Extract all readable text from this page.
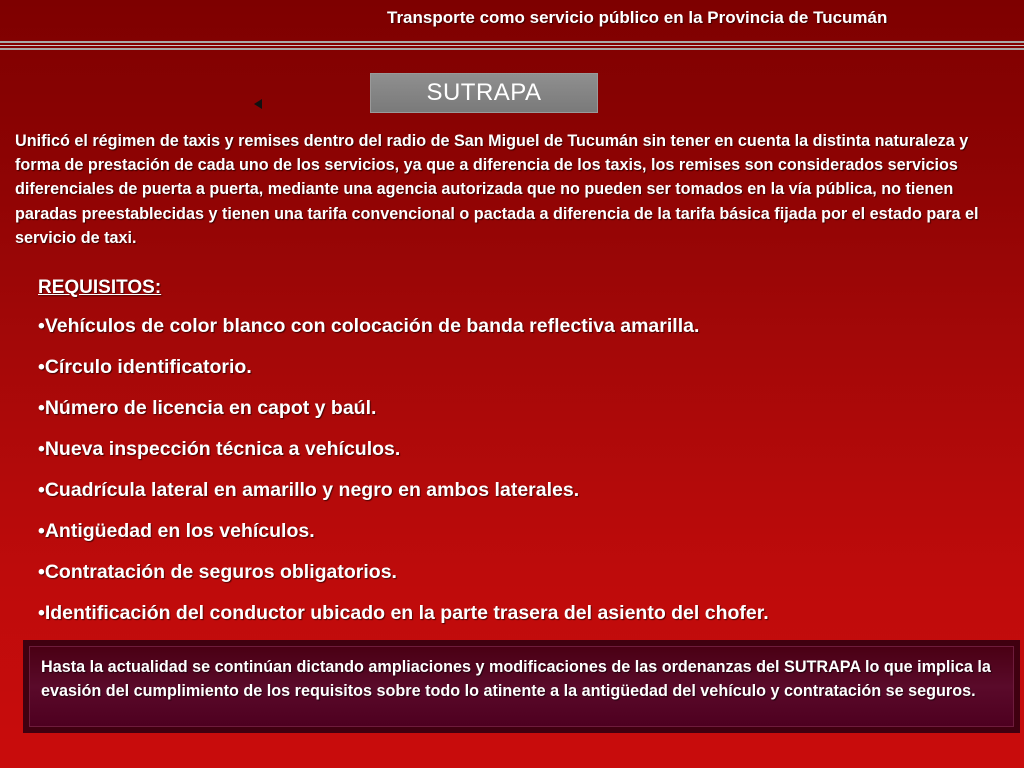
Transporte como servicio público en la Provincia de Tucumán
SUTRAPA

Unificó el régimen de taxis y remises dentro del radio de San Miguel de Tucumán sin tener en cuenta la distinta naturaleza y forma de prestación de cada uno de los servicios, ya que a diferencia de los taxis, los remises son considerados servicios diferenciales de puerta a puerta, mediante una agencia autorizada que no pueden ser tomados en la vía pública, no tienen paradas preestablecidas y tienen una tarifa convencional o pactada a diferencia de la tarifa básica fijada por el estado para el servicio de taxi.

REQUISITOS:
•Vehículos de color blanco con colocación de banda reflectiva amarilla.
•Círculo identificatorio.
•Número de licencia en capot y baúl.
•Nueva inspección técnica a vehículos.
•Cuadrícula lateral en amarillo y negro en ambos laterales.
•Antigüedad en los vehículos.
•Contratación de seguros obligatorios.
•Identificación del conductor ubicado en la parte trasera del asiento del chofer.

Hasta la actualidad se continúan dictando ampliaciones y modificaciones de las ordenanzas del SUTRAPA lo que implica la evasión del cumplimiento de los requisitos sobre todo lo atinente a la antigüedad del vehículo y contratación se seguros.
